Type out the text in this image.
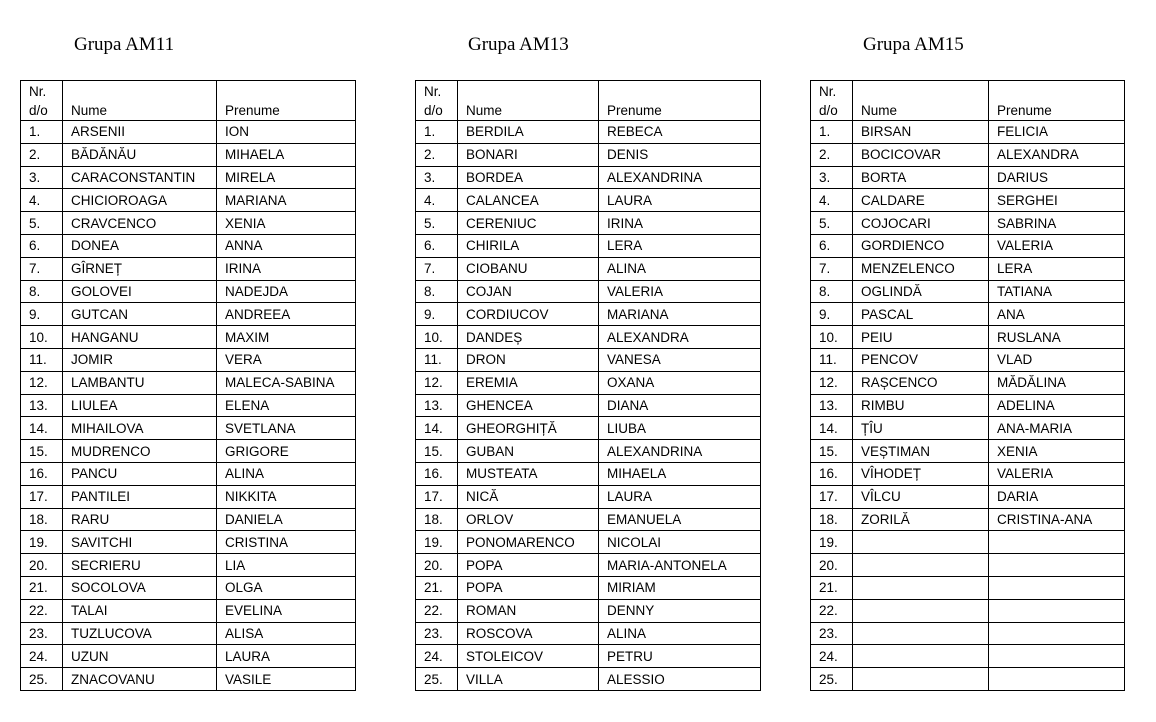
Grupa AM11
Nr.
d/o	Nume	Prenume
1.	ARSENII	ION
2.	BĂDĂNĂU	MIHAELA
3.	CARACONSTANTIN	MIRELA
4.	CHICIOROAGA	MARIANA
5.	CRAVCENCO	XENIA
6.	DONEA	ANNA
7.	GÎRNEȚ	IRINA
8.	GOLOVEI	NADEJDA
9.	GUTCAN	ANDREEA
10.	HANGANU	MAXIM
11.	JOMIR	VERA
12.	LAMBANTU	MALECA-SABINA
13.	LIULEA	ELENA
14.	MIHAILOVA	SVETLANA
15.	MUDRENCO	GRIGORE
16.	PANCU	ALINA
17.	PANTILEI	NIKKITA
18.	RARU	DANIELA
19.	SAVITCHI	CRISTINA
20.	SECRIERU	LIA
21.	SOCOLOVA	OLGA
22.	TALAI	EVELINA
23.	TUZLUCOVA	ALISA
24.	UZUN	LAURA
25.	ZNACOVANU	VASILE
Grupa AM13
Nr.
d/o	Nume	Prenume
1.	BERDILA	REBECA
2.	BONARI	DENIS
3.	BORDEA	ALEXANDRINA
4.	CALANCEA	LAURA
5.	CERENIUC	IRINA
6.	CHIRILA	LERA
7.	CIOBANU	ALINA
8.	COJAN	VALERIA
9.	CORDIUCOV	MARIANA
10.	DANDEȘ	ALEXANDRA
11.	DRON	VANESA
12.	EREMIA	OXANA
13.	GHENCEA	DIANA
14.	GHEORGHIȚĂ	LIUBA
15.	GUBAN	ALEXANDRINA
16.	MUSTEATA	MIHAELA
17.	NICĂ	LAURA
18.	ORLOV	EMANUELA
19.	PONOMARENCO	NICOLAI
20.	POPA	MARIA-ANTONELA
21.	POPA	MIRIAM
22.	ROMAN	DENNY
23.	ROSCOVA	ALINA
24.	STOLEICOV	PETRU
25.	VILLA	ALESSIO
Grupa AM15
Nr.
d/o	Nume	Prenume
1.	BIRSAN	FELICIA
2.	BOCICOVAR	ALEXANDRA
3.	BORTA	DARIUS
4.	CALDARE	SERGHEI
5.	COJOCARI	SABRINA
6.	GORDIENCO	VALERIA
7.	MENZELENCO	LERA
8.	OGLINDĂ	TATIANA
9.	PASCAL	ANA
10.	PEIU	RUSLANA
11.	PENCOV	VLAD
12.	RAȘCENCO	MĂDĂLINA
13.	RIMBU	ADELINA
14.	ȚÎU	ANA-MARIA
15.	VEȘTIMAN	XENIA
16.	VÎHODEȚ	VALERIA
17.	VÎLCU	DARIA
18.	ZORILĂ	CRISTINA-ANA
19.		
20.		
21.		
22.		
23.		
24.		
25.		
